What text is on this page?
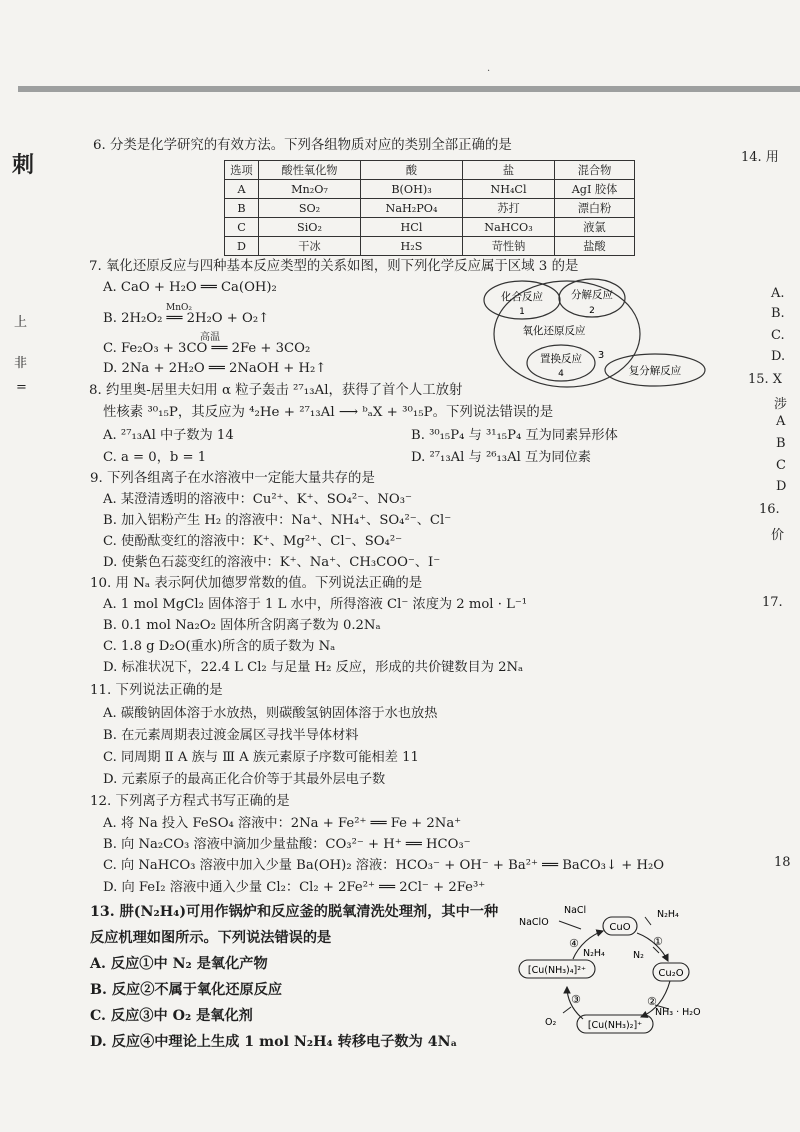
·
刺
上
非
=
14. 用
A.
B.
C.
D.
15. X
涉
A
B
C
D
16.
价
17.
18
6. 分类是化学研究的有效方法。下列各组物质对应的类别全部正确的是
选项	酸性氧化物	酸	盐	混合物
A	Mn₂O₇	B(OH)₃	NH₄Cl	AgI 胶体
B	SO₂	NaH₂PO₄	苏打	漂白粉
C	SiO₂	HCl	NaHCO₃	液氯
D	干冰	H₂S	苛性钠	盐酸
7. 氧化还原反应与四种基本反应类型的关系如图，则下列化学反应属于区域 3 的是
A. CaO + H₂O ══ Ca(OH)₂
MnO₂
B. 2H₂O₂ ══ 2H₂O + O₂↑
高温
C. Fe₂O₃ + 3CO ══ 2Fe + 3CO₂
D. 2Na + 2H₂O ══ 2NaOH + H₂↑
化合反应
1
分解反应
2
氧化还原反应
3
置换反应
4	复分解反应
8. 约里奥-居里夫妇用 α 粒子轰击 ²⁷₁₃Al，获得了首个人工放射
性核素 ³⁰₁₅P，其反应为 ⁴₂He + ²⁷₁₃Al ⟶ ᵇₐX + ³⁰₁₅P。下列说法错误的是
A. ²⁷₁₃Al 中子数为 14	B. ³⁰₁₅P₄ 与 ³¹₁₅P₄ 互为同素异形体
C. a = 0，b = 1	D. ²⁷₁₃Al 与 ²⁶₁₃Al 互为同位素
9. 下列各组离子在水溶液中一定能大量共存的是
A. 某澄清透明的溶液中：Cu²⁺、K⁺、SO₄²⁻、NO₃⁻
B. 加入铝粉产生 H₂ 的溶液中：Na⁺、NH₄⁺、SO₄²⁻、Cl⁻
C. 使酚酞变红的溶液中：K⁺、Mg²⁺、Cl⁻、SO₄²⁻
D. 使紫色石蕊变红的溶液中：K⁺、Na⁺、CH₃COO⁻、I⁻
10. 用 Nₐ 表示阿伏加德罗常数的值。下列说法正确的是
A. 1 mol MgCl₂ 固体溶于 1 L 水中，所得溶液 Cl⁻ 浓度为 2 mol · L⁻¹
B. 0.1 mol Na₂O₂ 固体所含阴离子数为 0.2Nₐ
C. 1.8 g D₂O(重水)所含的质子数为 Nₐ
D. 标准状况下，22.4 L Cl₂ 与足量 H₂ 反应，形成的共价键数目为 2Nₐ
11. 下列说法正确的是
A. 碳酸钠固体溶于水放热，则碳酸氢钠固体溶于水也放热
B. 在元素周期表过渡金属区寻找半导体材料
C. 同周期 Ⅱ A 族与 Ⅲ A 族元素原子序数可能相差 11
D. 元素原子的最高正化合价等于其最外层电子数
12. 下列离子方程式书写正确的是
A. 将 Na 投入 FeSO₄ 溶液中：2Na + Fe²⁺ ══ Fe + 2Na⁺
B. 向 Na₂CO₃ 溶液中滴加少量盐酸：CO₃²⁻ + H⁺ ══ HCO₃⁻
C. 向 NaHCO₃ 溶液中加入少量 Ba(OH)₂ 溶液：HCO₃⁻ + OH⁻ + Ba²⁺ ══ BaCO₃↓ + H₂O
D. 向 FeI₂ 溶液中通入少量 Cl₂：Cl₂ + 2Fe²⁺ ══ 2Cl⁻ + 2Fe³⁺
13. 肼(N₂H₄)可用作锅炉和反应釜的脱氧清洗处理剂，其中一种
反应机理如图所示。下列说法错误的是
A. 反应①中 N₂ 是氧化产物
B. 反应②不属于氧化还原反应
C. 反应③中 O₂ 是氧化剂
D. 反应④中理论上生成 1 mol N₂H₄ 转移电子数为 4Nₐ
CuO
Cu₂O
[Cu(NH₃)₂]⁺
[Cu(NH₃)₄]²⁺
NaClO
NaCl	N₂H₄
N₂H₄	N₂
O₂
NH₃ · H₂O
①
②
③
④
